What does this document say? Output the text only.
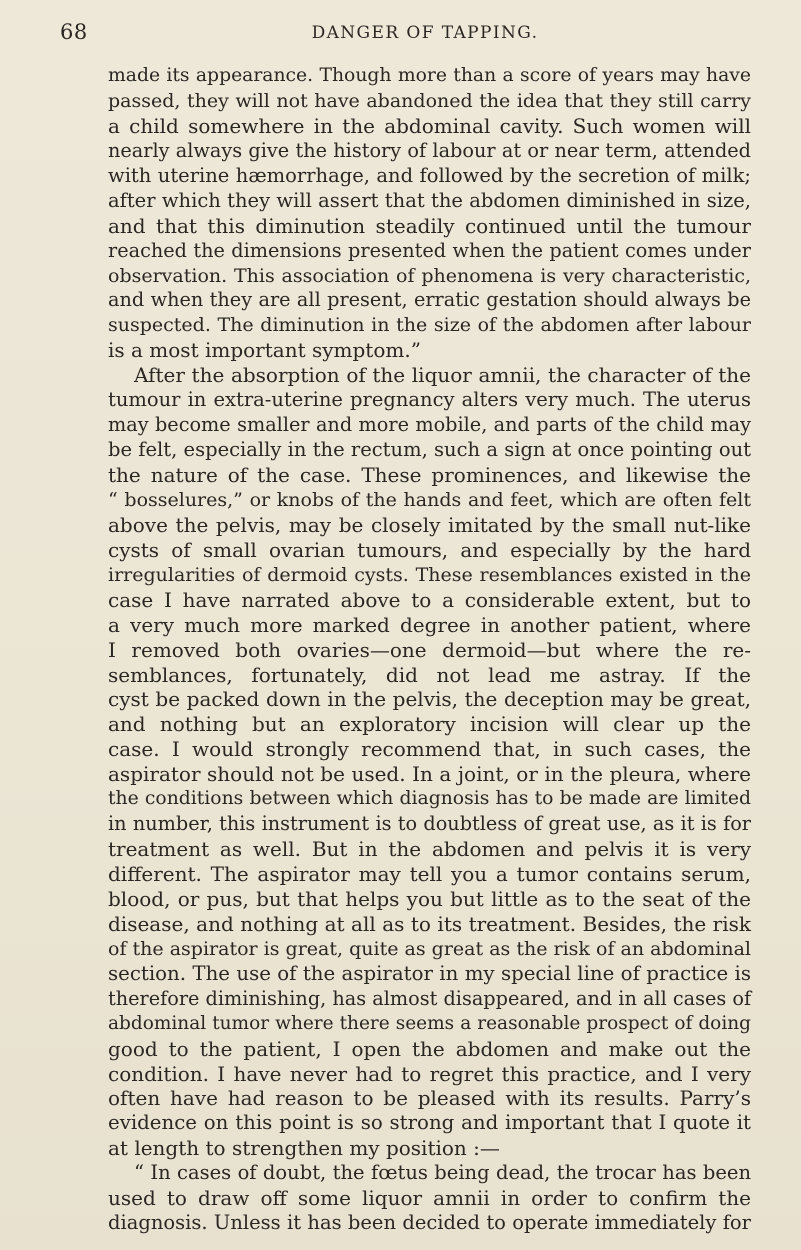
68	DANGER OF TAPPING.
made its appearance. Though more than a score of years may have
passed, they will not have abandoned the idea that they still carry
a child somewhere in the abdominal cavity. Such women will
nearly always give the history of labour at or near term, attended
with uterine hæmorrhage, and followed by the secretion of milk;
after which they will assert that the abdomen diminished in size,
and that this diminution steadily continued until the tumour
reached the dimensions presented when the patient comes under
observation. This association of phenomena is very characteristic,
and when they are all present, erratic gestation should always be
suspected. The diminution in the size of the abdomen after labour
is a most important symptom.”
After the absorption of the liquor amnii, the character of the
tumour in extra-uterine pregnancy alters very much. The uterus
may become smaller and more mobile, and parts of the child may
be felt, especially in the rectum, such a sign at once pointing out
the nature of the case. These prominences, and likewise the
“ bosselures,” or knobs of the hands and feet, which are often felt
above the pelvis, may be closely imitated by the small nut-like
cysts of small ovarian tumours, and especially by the hard
irregularities of dermoid cysts. These resemblances existed in the
case I have narrated above to a considerable extent, but to
a very much more marked degree in another patient, where
I removed both ovaries—one dermoid—but where the re-
semblances, fortunately, did not lead me astray. If the
cyst be packed down in the pelvis, the deception may be great,
and nothing but an exploratory incision will clear up the
case. I would strongly recommend that, in such cases, the
aspirator should not be used. In a joint, or in the pleura, where
the conditions between which diagnosis has to be made are limited
in number, this instrument is to doubtless of great use, as it is for
treatment as well. But in the abdomen and pelvis it is very
different. The aspirator may tell you a tumor contains serum,
blood, or pus, but that helps you but little as to the seat of the
disease, and nothing at all as to its treatment. Besides, the risk
of the aspirator is great, quite as great as the risk of an abdominal
section. The use of the aspirator in my special line of practice is
therefore diminishing, has almost disappeared, and in all cases of
abdominal tumor where there seems a reasonable prospect of doing
good to the patient, I open the abdomen and make out the
condition. I have never had to regret this practice, and I very
often have had reason to be pleased with its results. Parry’s
evidence on this point is so strong and important that I quote it
at length to strengthen my position :—
“ In cases of doubt, the fœtus being dead, the trocar has been
used to draw off some liquor amnii in order to confirm the
diagnosis. Unless it has been decided to operate immediately for
